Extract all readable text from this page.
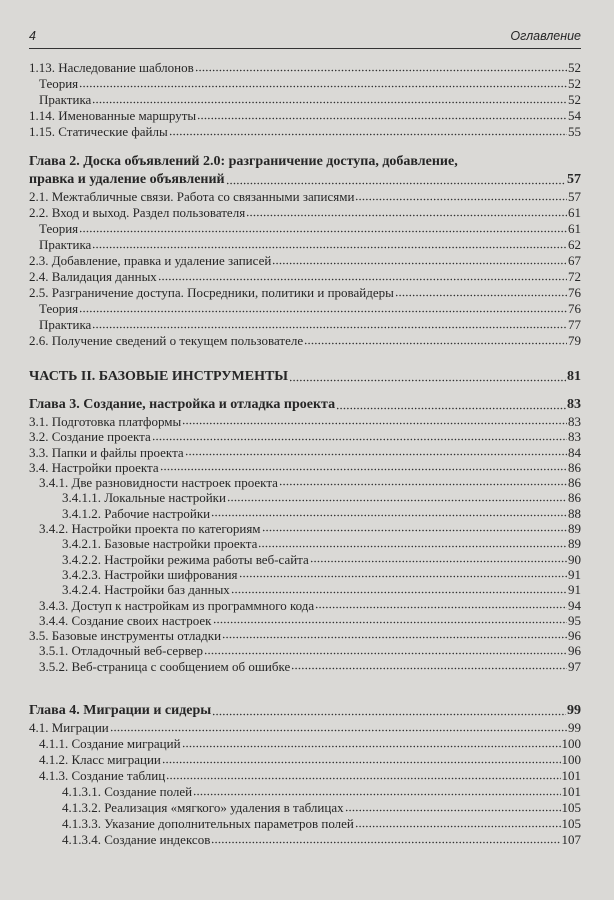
4	Оглавление
1.13. Наследование шаблонов	52
Теория	52
Практика	52
1.14. Именованные маршруты	54
1.15. Статические файлы	55
Глава 2. Доска объявлений 2.0: разграничение доступа, добавление,
правка и удаление объявлений	57
2.1. Межтабличные связи. Работа со связанными записями	57
2.2. Вход и выход. Раздел пользователя	61
Теория	61
Практика	62
2.3. Добавление, правка и удаление записей	67
2.4. Валидация данных	72
2.5. Разграничение доступа. Посредники, политики и провайдеры	76
Теория	76
Практика	77
2.6. Получение сведений о текущем пользователе	79
ЧАСТЬ II. БАЗОВЫЕ ИНСТРУМЕНТЫ	81
Глава 3. Создание, настройка и отладка проекта	83
3.1. Подготовка платформы	83
3.2. Создание проекта	83
3.3. Папки и файлы проекта	84
3.4. Настройки проекта	86
3.4.1. Две разновидности настроек проекта	86
3.4.1.1. Локальные настройки	86
3.4.1.2. Рабочие настройки	88
3.4.2. Настройки проекта по категориям	89
3.4.2.1. Базовые настройки проекта	89
3.4.2.2. Настройки режима работы веб-сайта	90
3.4.2.3. Настройки шифрования	91
3.4.2.4. Настройки баз данных	91
3.4.3. Доступ к настройкам из программного кода	94
3.4.4. Создание своих настроек	95
3.5. Базовые инструменты отладки	96
3.5.1. Отладочный веб-сервер	96
3.5.2. Веб-страница с сообщением об ошибке	97
Глава 4. Миграции и сидеры	99
4.1. Миграции	99
4.1.1. Создание миграций	100
4.1.2. Класс миграции	100
4.1.3. Создание таблиц	101
4.1.3.1. Создание полей	101
4.1.3.2. Реализация «мягкого» удаления в таблицах	105
4.1.3.3. Указание дополнительных параметров полей	105
4.1.3.4. Создание индексов	107
